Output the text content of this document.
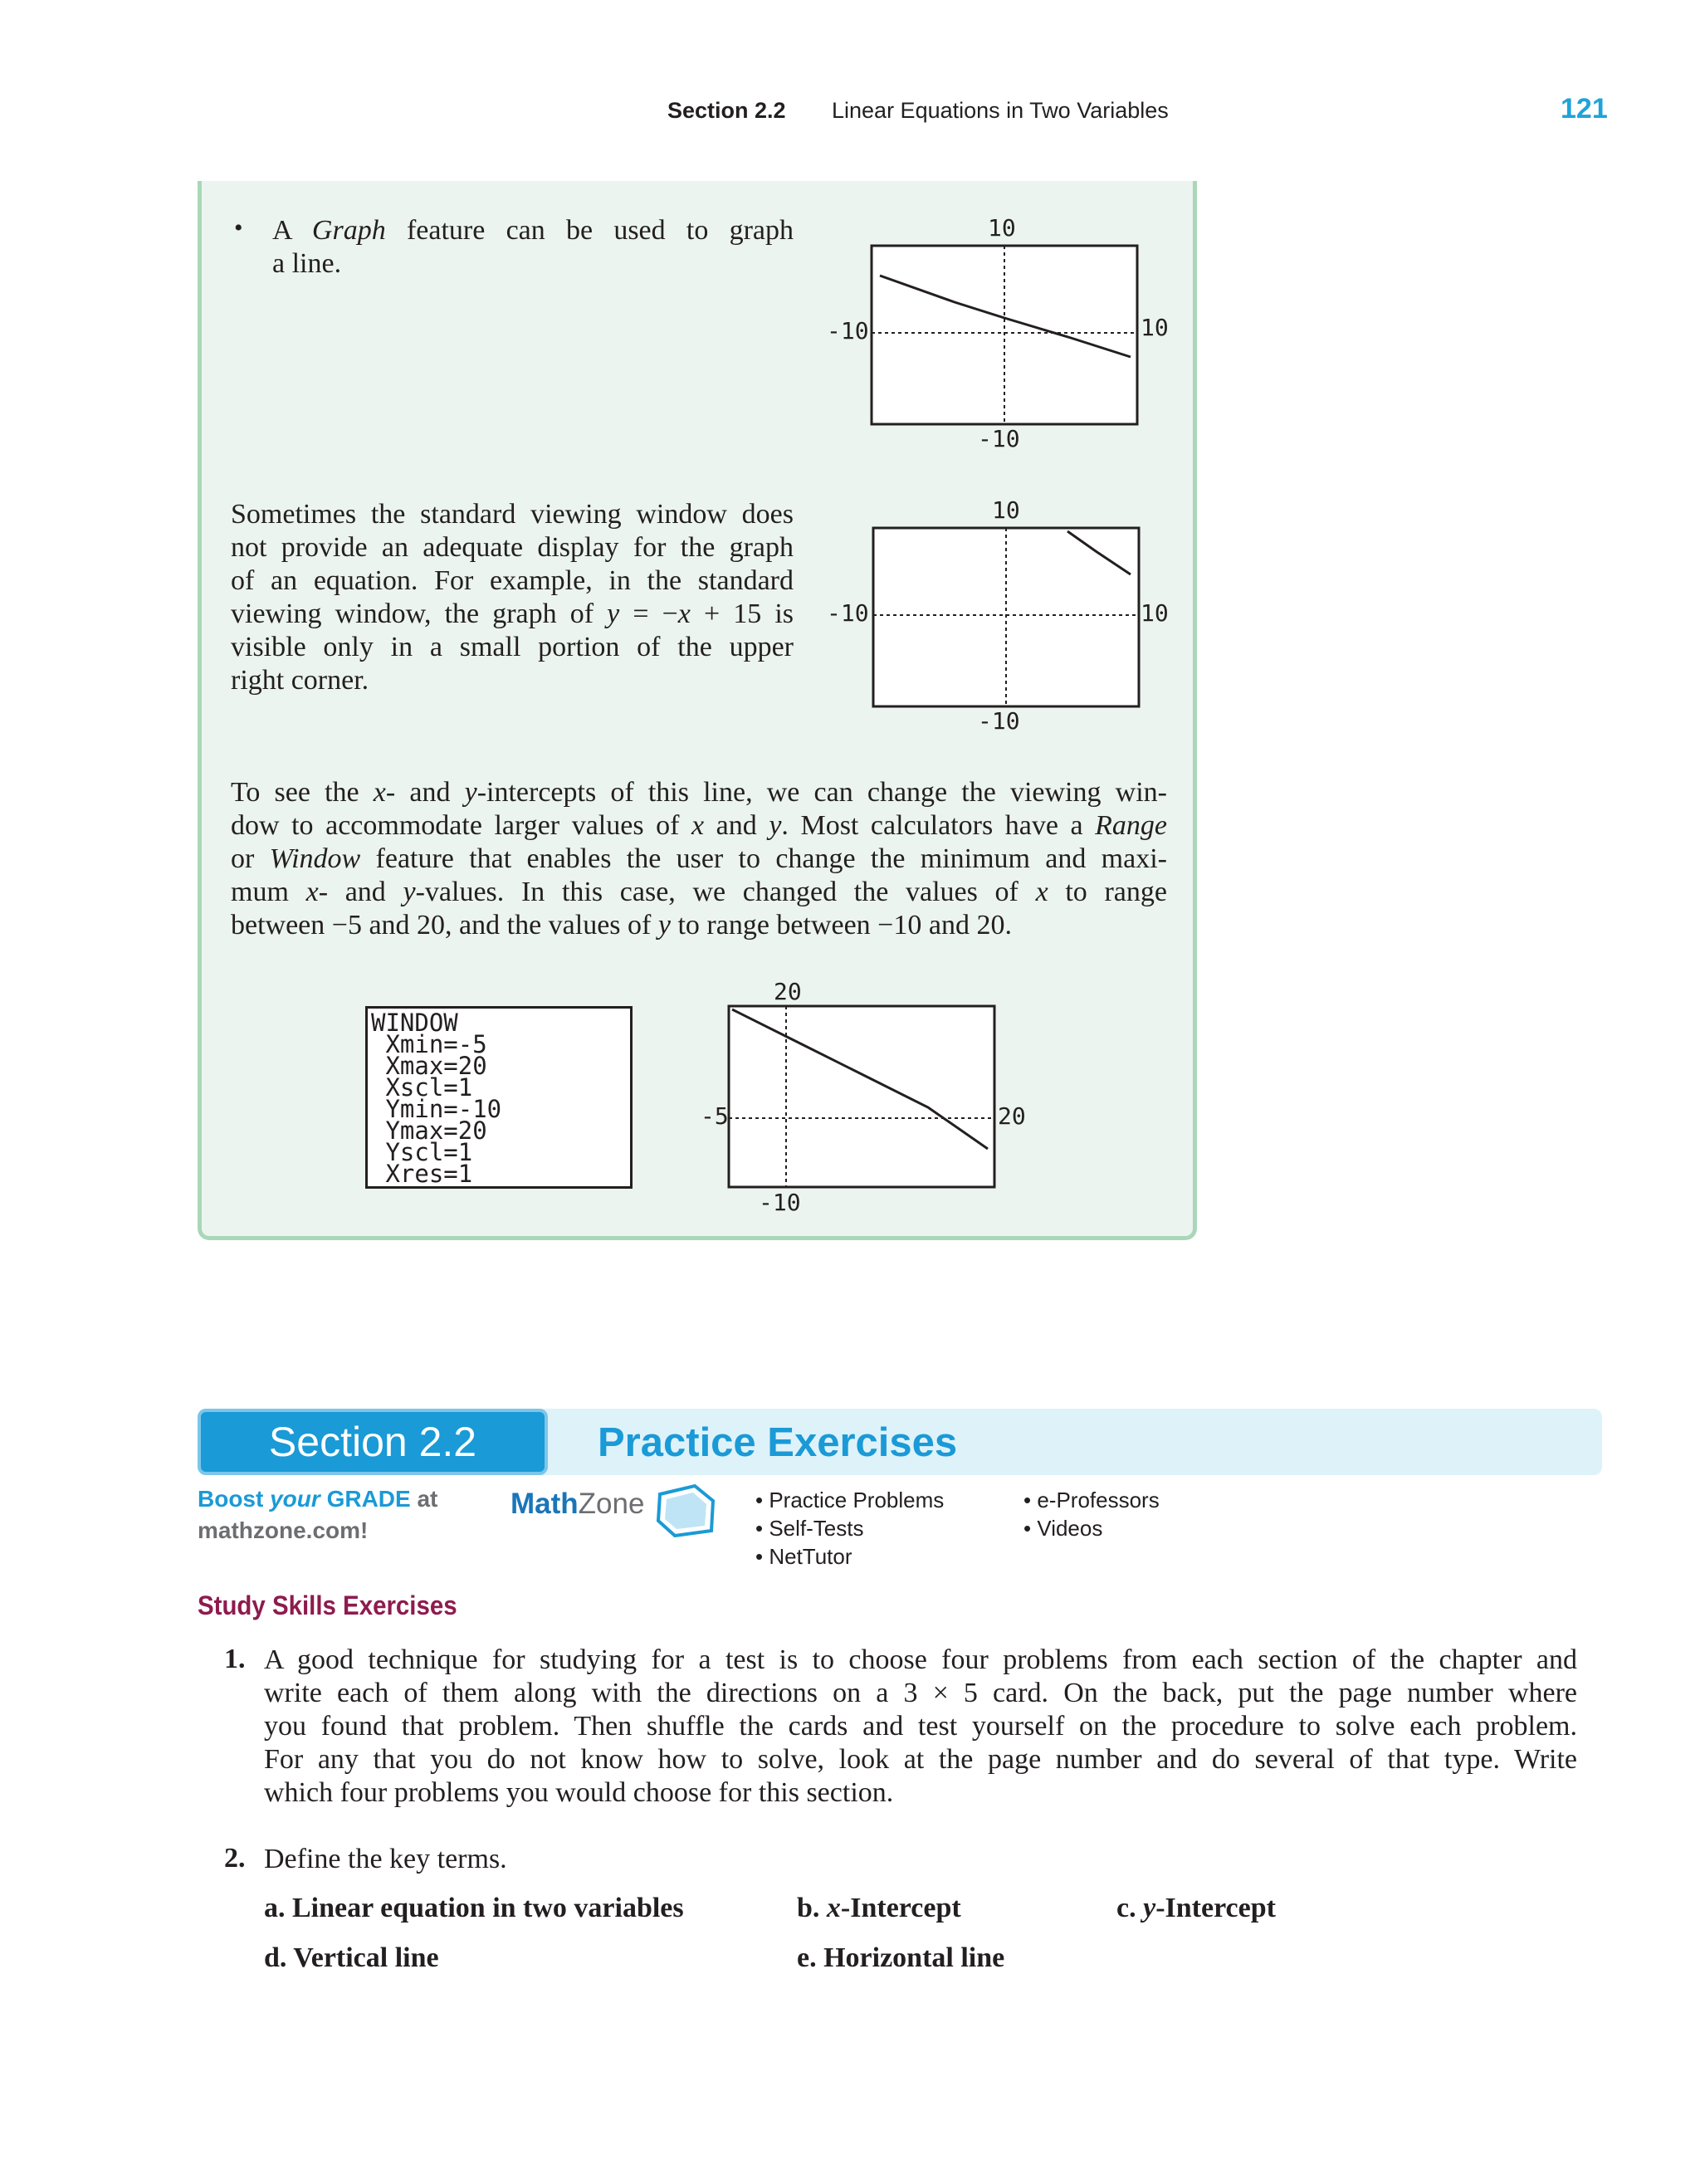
Section 2.2 Linear Equations in Two Variables	121
• A Graph feature can be used to graph
a line.
10
-10	10
-10
Sometimes the standard viewing window does
not provide an adequate display for the graph
of an equation. For example, in the standard
viewing window, the graph of y = −x + 15 is
visible only in a small portion of the upper
right corner.
10
-10	10
-10
To see the x- and y-intercepts of this line, we can change the viewing win-
dow to accommodate larger values of x and y. Most calculators have a Range
or Window feature that enables the user to change the minimum and maxi-
mum x- and y-values. In this case, we changed the values of x to range
between −5 and 20, and the values of y to range between −10 and 20.
WINDOW
Xmin=-5
Xmax=20
Xscl=1
Ymin=-10
Ymax=20
Yscl=1
Xres=1
20
-5	20
-10
Section 2.2	Practice Exercises
Boost your GRADE at
mathzone.com!
MathZone	• Practice Problems
• Self-Tests
• NetTutor
• e-Professors
• Videos
Study Skills Exercises
1. A good technique for studying for a test is to choose four problems from each section of the chapter and
write each of them along with the directions on a 3 × 5 card. On the back, put the page number where
you found that problem. Then shuffle the cards and test yourself on the procedure to solve each problem.
For any that you do not know how to solve, look at the page number and do several of that type. Write
which four problems you would choose for this section.
2. Define the key terms.
a. Linear equation in two variables	b. x-Intercept	c. y-Intercept
d. Vertical line	e. Horizontal line
